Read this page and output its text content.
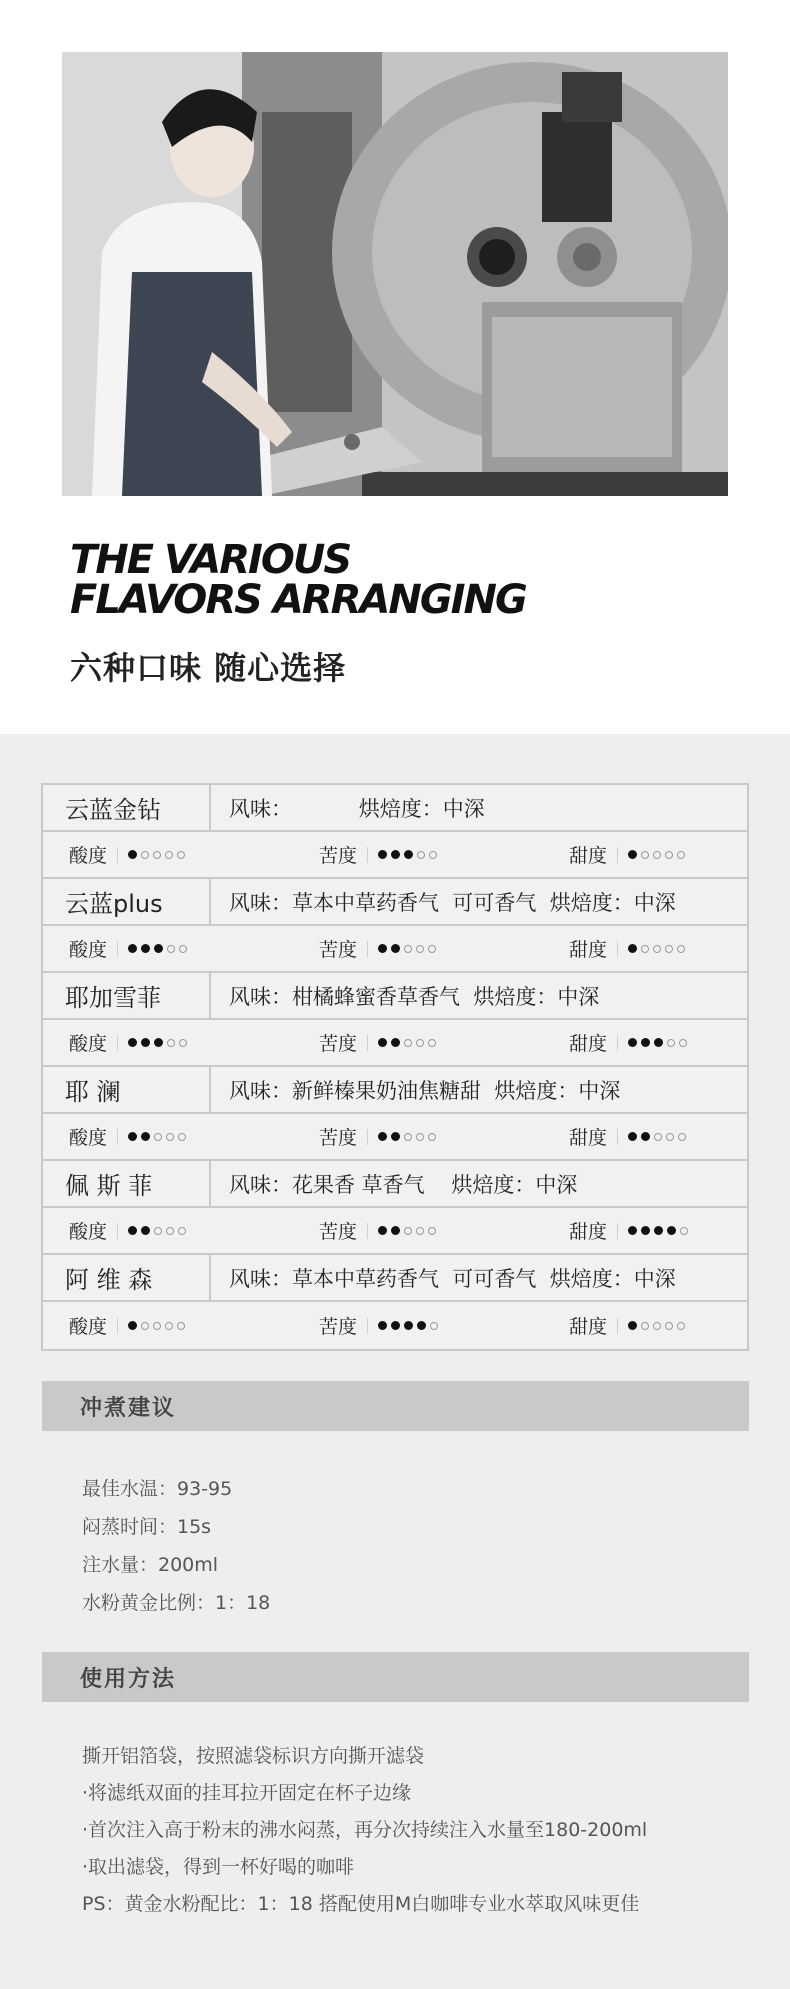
THE VARIOUS
FLAVORS ARRANGING
六种口味 随心选择
云蓝金钻	风味：          烘焙度：中深
酸度	苦度	甜度
云蓝plus	风味：草本中草药香气  可可香气  烘焙度：中深
酸度	苦度	甜度
耶加雪菲	风味：柑橘蜂蜜香草香气  烘焙度：中深
酸度	苦度	甜度
耶 澜	风味：新鲜榛果奶油焦糖甜  烘焙度：中深
酸度	苦度	甜度
佩 斯 菲	风味：花果香 草香气    烘焙度：中深
酸度	苦度	甜度
阿 维 森	风味：草本中草药香气  可可香气  烘焙度：中深
酸度	苦度	甜度
冲煮建议
最佳水温：93-95
闷蒸时间：15s
注水量：200ml
水粉黄金比例：1：18
使用方法
撕开铝箔袋，按照滤袋标识方向撕开滤袋
·将滤纸双面的挂耳拉开固定在杯子边缘
·首次注入高于粉末的沸水闷蒸，再分次持续注入水量至180-200ml
·取出滤袋，得到一杯好喝的咖啡
PS：黄金水粉配比：1：18 搭配使用M白咖啡专业水萃取风味更佳
